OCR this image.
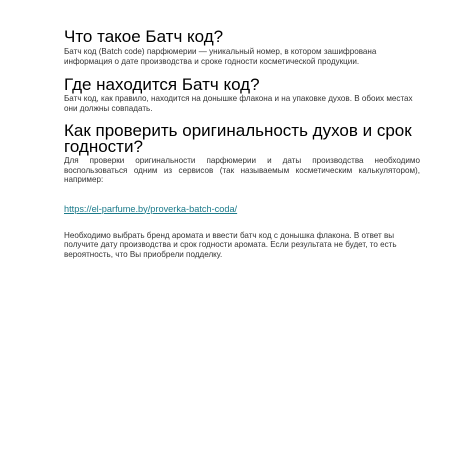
Что такое Батч код?

Батч код (Batch code) парфюмерии — уникальный номер, в котором зашифрована информация о дате производства и сроке годности косметической продукции.

Где находится Батч код?

Батч код, как правило, находится на донышке флакона и на упаковке духов. В обоих местах они должны совпадать.

Как проверить оригинальность духов и срок годности?

Для проверки оригинальности парфюмерии и даты производства необходимо воспользоваться одним из сервисов (так называемым косметическим калькулятором), например:

https://el-parfume.by/proverka-batch-coda/

Необходимо выбрать бренд аромата и ввести батч код с донышка флакона. В ответ вы получите дату производства и срок годности аромата. Если результата не будет, то есть вероятность, что Вы приобрели подделку.
